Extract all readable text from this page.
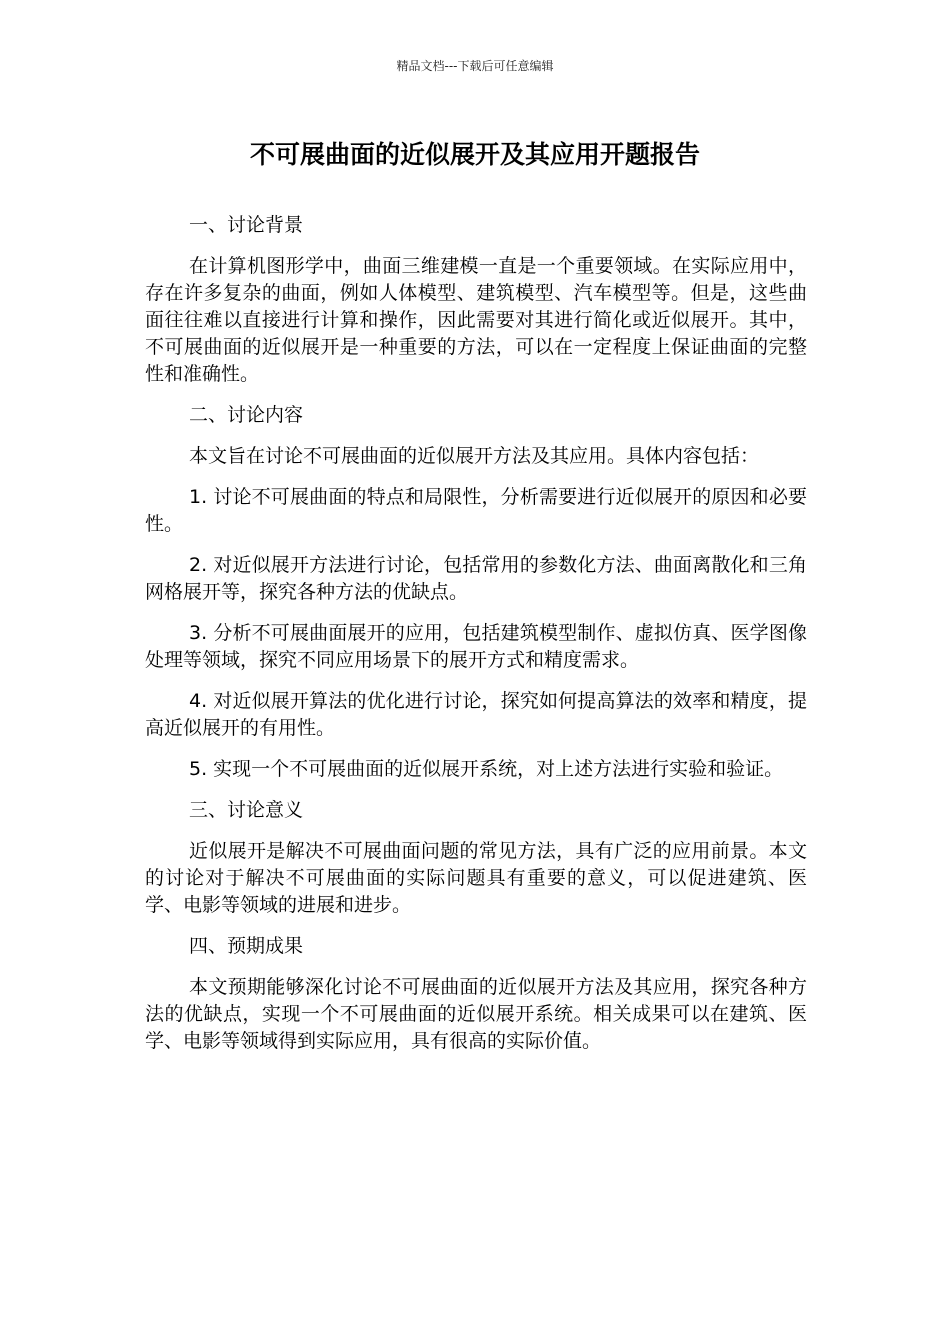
精品文档---下载后可任意编辑
不可展曲面的近似展开及其应用开题报告

一、讨论背景

在计算机图形学中，曲面三维建模一直是一个重要领域。在实际应用中，存在许多复杂的曲面，例如人体模型、建筑模型、汽车模型等。但是，这些曲面往往难以直接进行计算和操作，因此需要对其进行简化或近似展开。其中，不可展曲面的近似展开是一种重要的方法，可以在一定程度上保证曲面的完整性和准确性。

二、讨论内容

本文旨在讨论不可展曲面的近似展开方法及其应用。具体内容包括：

1. 讨论不可展曲面的特点和局限性，分析需要进行近似展开的原因和必要性。

2. 对近似展开方法进行讨论，包括常用的参数化方法、曲面离散化和三角网格展开等，探究各种方法的优缺点。

3. 分析不可展曲面展开的应用，包括建筑模型制作、虚拟仿真、医学图像处理等领域，探究不同应用场景下的展开方式和精度需求。

4. 对近似展开算法的优化进行讨论，探究如何提高算法的效率和精度，提高近似展开的有用性。

5. 实现一个不可展曲面的近似展开系统，对上述方法进行实验和验证。

三、讨论意义

近似展开是解决不可展曲面问题的常见方法，具有广泛的应用前景。本文的讨论对于解决不可展曲面的实际问题具有重要的意义，可以促进建筑、医学、电影等领域的进展和进步。

四、预期成果

本文预期能够深化讨论不可展曲面的近似展开方法及其应用，探究各种方法的优缺点，实现一个不可展曲面的近似展开系统。相关成果可以在建筑、医学、电影等领域得到实际应用，具有很高的实际价值。
